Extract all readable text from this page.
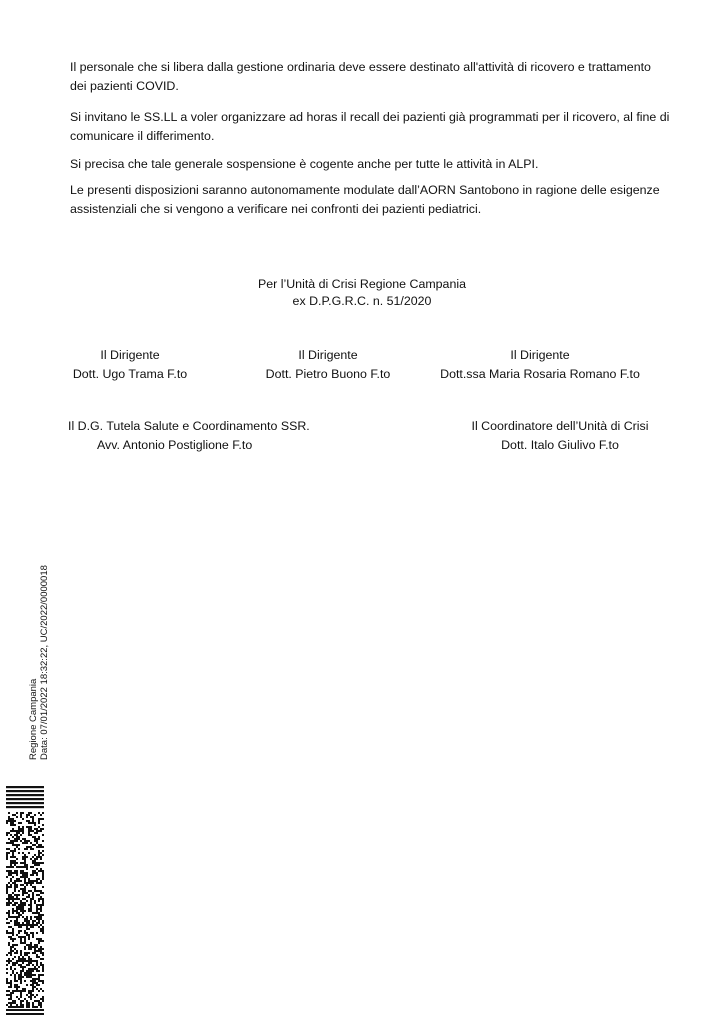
Il personale che si libera dalla gestione ordinaria deve essere destinato all'attività di ricovero e trattamento dei pazienti COVID.

Si invitano le SS.LL a voler organizzare ad horas il recall dei pazienti già programmati per il ricovero, al fine di comunicare il differimento.

Si precisa che tale generale sospensione è cogente anche per tutte le attività in ALPI.

Le presenti disposizioni saranno autonomamente modulate dall’AORN Santobono in ragione delle esigenze assistenziali che si vengono a verificare nei confronti dei pazienti pediatrici.

Per l’Unità di Crisi Regione Campania
ex D.P.G.R.C. n. 51/2020
Il Dirigente
Dott. Ugo Trama F.to
Il Dirigente
Dott. Pietro Buono F.to
Il Dirigente
Dott.ssa Maria Rosaria Romano F.to
Il D.G. Tutela Salute e Coordinamento SSR.
Avv. Antonio Postiglione F.to
Il Coordinatore dell’Unità di Crisi
Dott. Italo Giulivo F.to
Regione Campania Data: 07/01/2022 18:32:22, UC/2022/0000018
